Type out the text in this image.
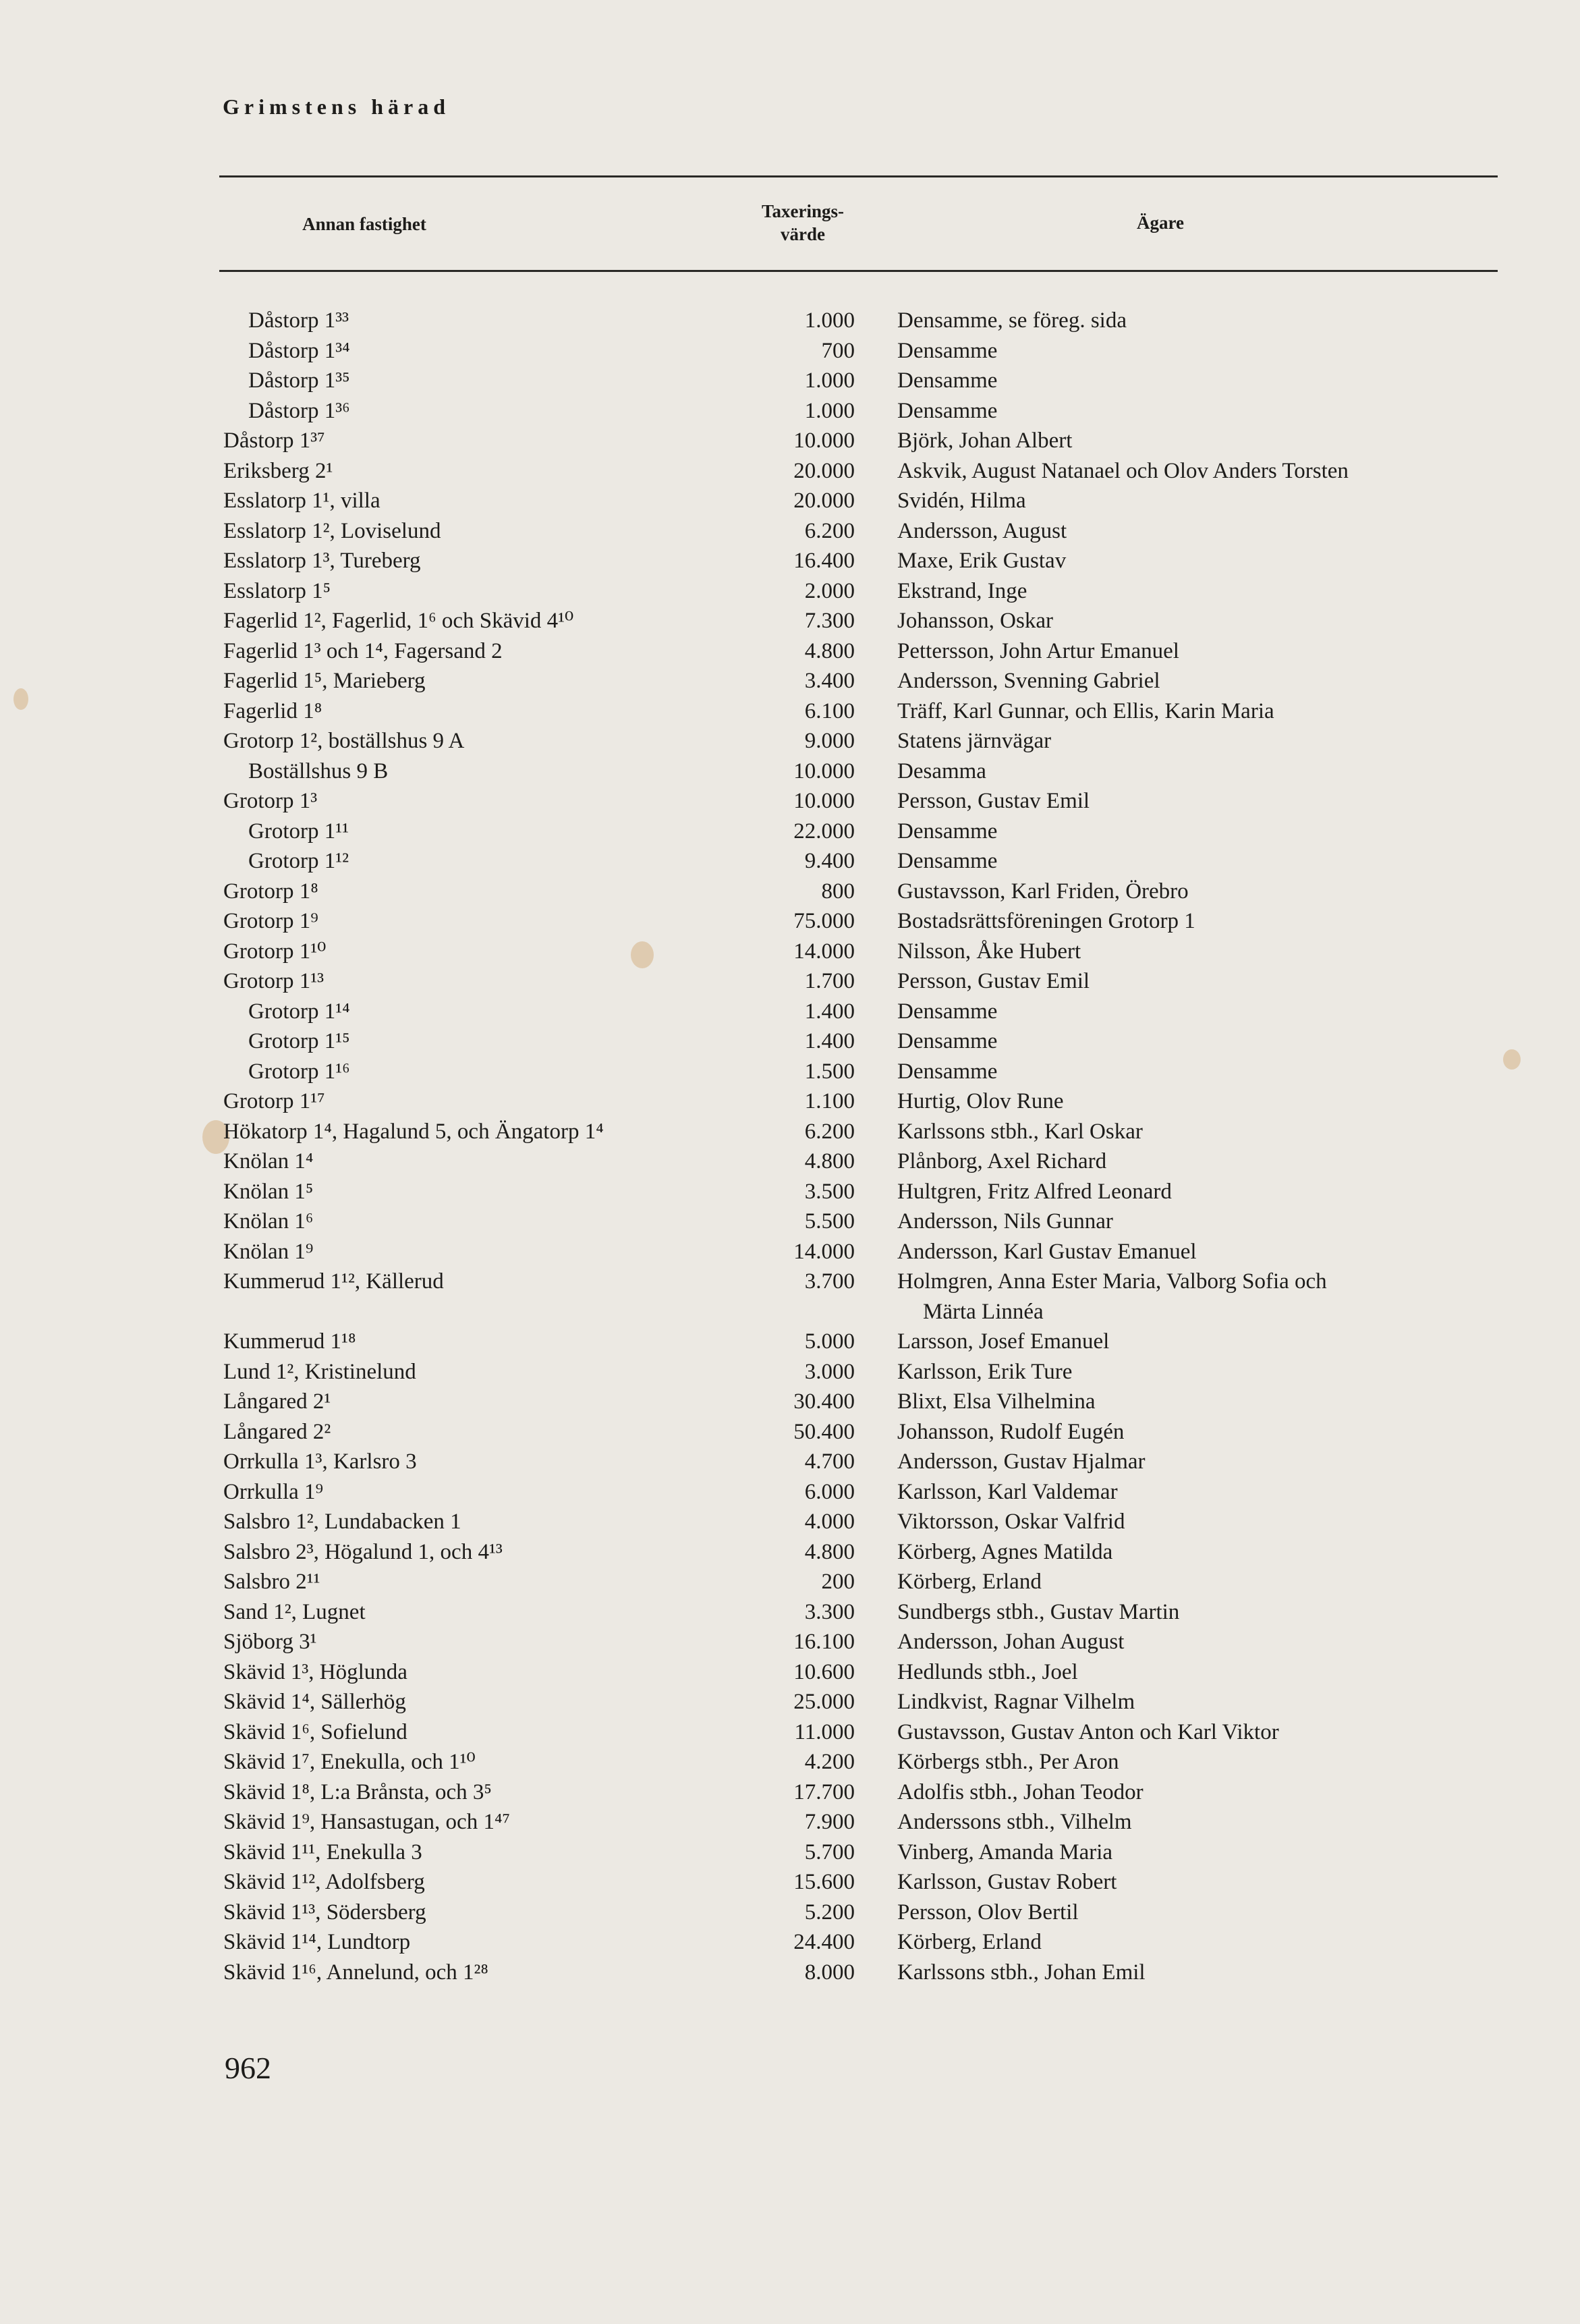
Grimstens härad
Annan fastighet
Taxerings-
värde
Ägare
Dåstorp 1³³	1.000 Densamme, se föreg. sida
Dåstorp 1³⁴	700 Densamme
Dåstorp 1³⁵	1.000 Densamme
Dåstorp 1³⁶	1.000 Densamme
Dåstorp 1³⁷	10.000 Björk, Johan Albert
Eriksberg 2¹	20.000 Askvik, August Natanael och Olov Anders Torsten
Esslatorp 1¹, villa	20.000 Svidén, Hilma
Esslatorp 1², Loviselund	6.200 Andersson, August
Esslatorp 1³, Tureberg	16.400 Maxe, Erik Gustav
Esslatorp 1⁵	2.000 Ekstrand, Inge
Fagerlid 1², Fagerlid, 1⁶ och Skävid 4¹⁰	7.300 Johansson, Oskar
Fagerlid 1³ och 1⁴, Fagersand 2	4.800 Pettersson, John Artur Emanuel
Fagerlid 1⁵, Marieberg	3.400 Andersson, Svenning Gabriel
Fagerlid 1⁸	6.100 Träff, Karl Gunnar, och Ellis, Karin Maria
Grotorp 1², boställshus 9 A	9.000 Statens järnvägar
Boställshus 9 B	10.000 Desamma
Grotorp 1³	10.000 Persson, Gustav Emil
Grotorp 1¹¹	22.000 Densamme
Grotorp 1¹²	9.400 Densamme
Grotorp 1⁸	800 Gustavsson, Karl Friden, Örebro
Grotorp 1⁹	75.000 Bostadsrättsföreningen Grotorp 1
Grotorp 1¹⁰	14.000 Nilsson, Åke Hubert
Grotorp 1¹³	1.700 Persson, Gustav Emil
Grotorp 1¹⁴	1.400 Densamme
Grotorp 1¹⁵	1.400 Densamme
Grotorp 1¹⁶	1.500 Densamme
Grotorp 1¹⁷	1.100 Hurtig, Olov Rune
Hökatorp 1⁴, Hagalund 5, och Ängatorp 1⁴	6.200 Karlssons stbh., Karl Oskar
Knölan 1⁴	4.800 Plånborg, Axel Richard
Knölan 1⁵	3.500 Hultgren, Fritz Alfred Leonard
Knölan 1⁶	5.500 Andersson, Nils Gunnar
Knölan 1⁹	14.000 Andersson, Karl Gustav Emanuel
Kummerud 1¹², Källerud	3.700 Holmgren, Anna Ester Maria, Valborg Sofia och
Märta Linnéa
Kummerud 1¹⁸	5.000 Larsson, Josef Emanuel
Lund 1², Kristinelund	3.000 Karlsson, Erik Ture
Långared 2¹	30.400 Blixt, Elsa Vilhelmina
Långared 2²	50.400 Johansson, Rudolf Eugén
Orrkulla 1³, Karlsro 3	4.700 Andersson, Gustav Hjalmar
Orrkulla 1⁹	6.000 Karlsson, Karl Valdemar
Salsbro 1², Lundabacken 1	4.000 Viktorsson, Oskar Valfrid
Salsbro 2³, Högalund 1, och 4¹³	4.800 Körberg, Agnes Matilda
Salsbro 2¹¹	200 Körberg, Erland
Sand 1², Lugnet	3.300 Sundbergs stbh., Gustav Martin
Sjöborg 3¹	16.100 Andersson, Johan August
Skävid 1³, Höglunda	10.600 Hedlunds stbh., Joel
Skävid 1⁴, Sällerhög	25.000 Lindkvist, Ragnar Vilhelm
Skävid 1⁶, Sofielund	11.000 Gustavsson, Gustav Anton och Karl Viktor
Skävid 1⁷, Enekulla, och 1¹⁰	4.200 Körbergs stbh., Per Aron
Skävid 1⁸, L:a Brånsta, och 3⁵	17.700 Adolfis stbh., Johan Teodor
Skävid 1⁹, Hansastugan, och 1⁴⁷	7.900 Anderssons stbh., Vilhelm
Skävid 1¹¹, Enekulla 3	5.700 Vinberg, Amanda Maria
Skävid 1¹², Adolfsberg	15.600 Karlsson, Gustav Robert
Skävid 1¹³, Södersberg	5.200 Persson, Olov Bertil
Skävid 1¹⁴, Lundtorp	24.400 Körberg, Erland
Skävid 1¹⁶, Annelund, och 1²⁸	8.000 Karlssons stbh., Johan Emil
962
